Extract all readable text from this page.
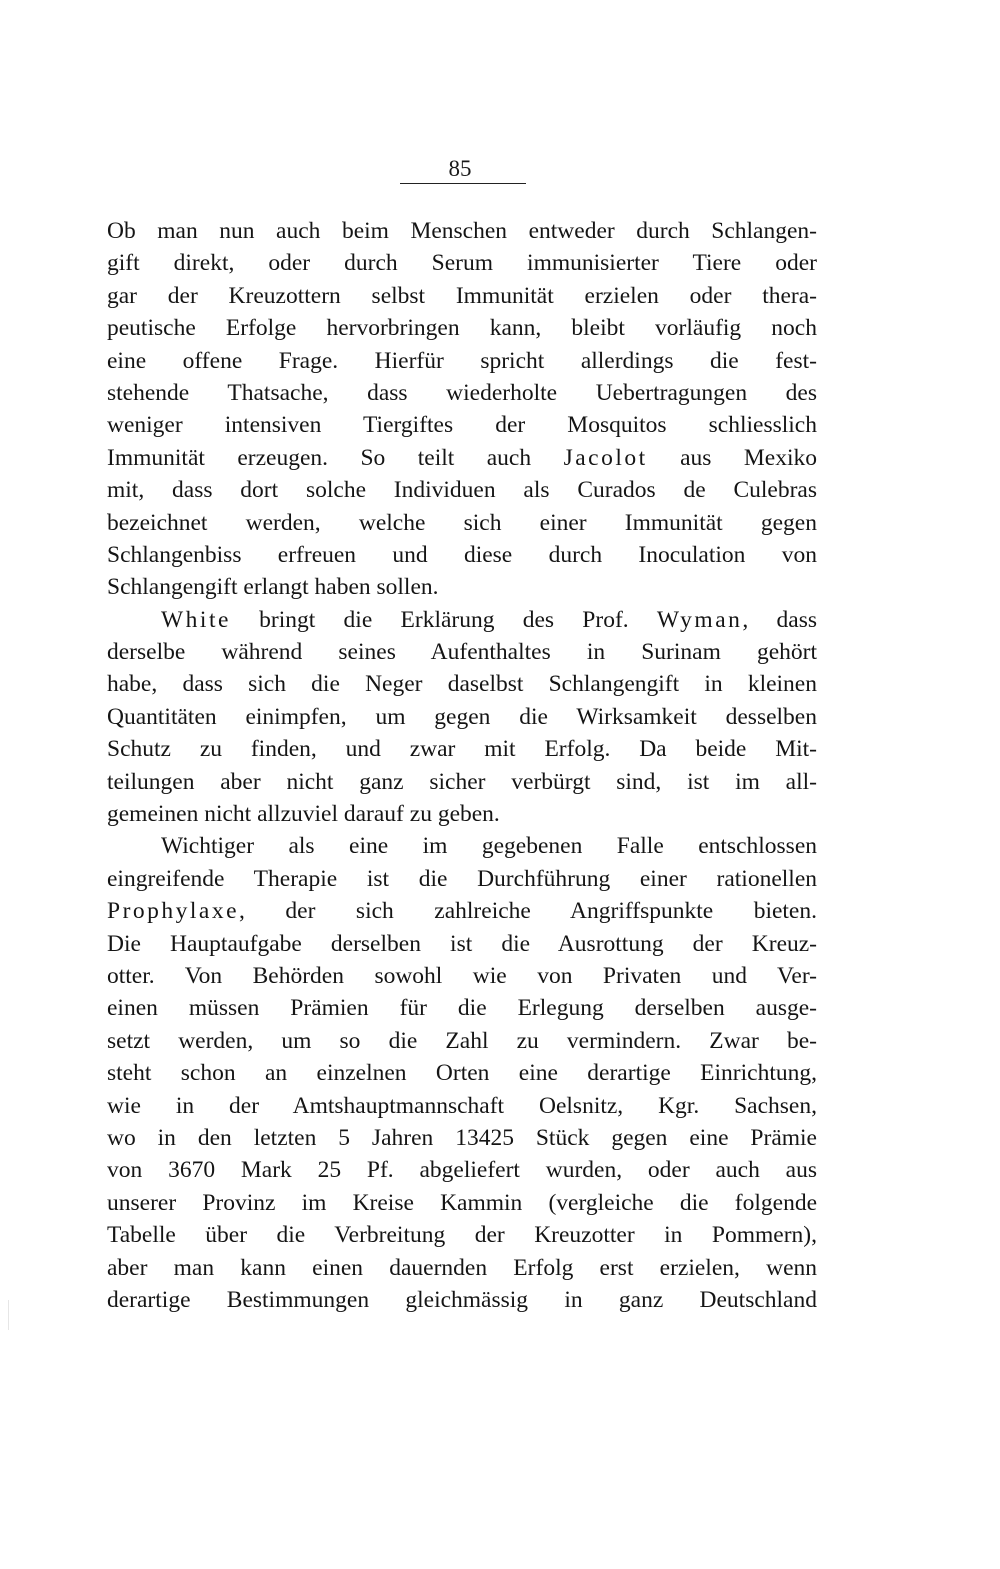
85
Ob man nun auch beim Menschen entweder durch Schlangen-
gift direkt, oder durch Serum immunisierter Tiere oder
gar der Kreuzottern selbst Immunität erzielen oder thera-
peutische Erfolge hervorbringen kann, bleibt vorläufig noch
eine offene Frage. Hierfür spricht allerdings die fest-
stehende Thatsache, dass wiederholte Uebertragungen des
weniger intensiven Tiergiftes der Mosquitos schliesslich
Immunität erzeugen. So teilt auch Jacolot aus Mexiko
mit, dass dort solche Individuen als Curados de Culebras
bezeichnet werden, welche sich einer Immunität gegen
Schlangenbiss erfreuen und diese durch Inoculation von
Schlangengift erlangt haben sollen.
White bringt die Erklärung des Prof. Wyman, dass
derselbe während seines Aufenthaltes in Surinam gehört
habe, dass sich die Neger daselbst Schlangengift in kleinen
Quantitäten einimpfen, um gegen die Wirksamkeit desselben
Schutz zu finden, und zwar mit Erfolg. Da beide Mit-
teilungen aber nicht ganz sicher verbürgt sind, ist im all-
gemeinen nicht allzuviel darauf zu geben.
Wichtiger als eine im gegebenen Falle entschlossen
eingreifende Therapie ist die Durchführung einer rationellen
Prophylaxe, der sich zahlreiche Angriffspunkte bieten.
Die Hauptaufgabe derselben ist die Ausrottung der Kreuz-
otter. Von Behörden sowohl wie von Privaten und Ver-
einen müssen Prämien für die Erlegung derselben ausge-
setzt werden, um so die Zahl zu vermindern. Zwar be-
steht schon an einzelnen Orten eine derartige Einrichtung,
wie in der Amtshauptmannschaft Oelsnitz, Kgr. Sachsen,
wo in den letzten 5 Jahren 13425 Stück gegen eine Prämie
von 3670 Mark 25 Pf. abgeliefert wurden, oder auch aus
unserer Provinz im Kreise Kammin (vergleiche die folgende
Tabelle über die Verbreitung der Kreuzotter in Pommern),
aber man kann einen dauernden Erfolg erst erzielen, wenn
derartige Bestimmungen gleichmässig in ganz Deutschland
